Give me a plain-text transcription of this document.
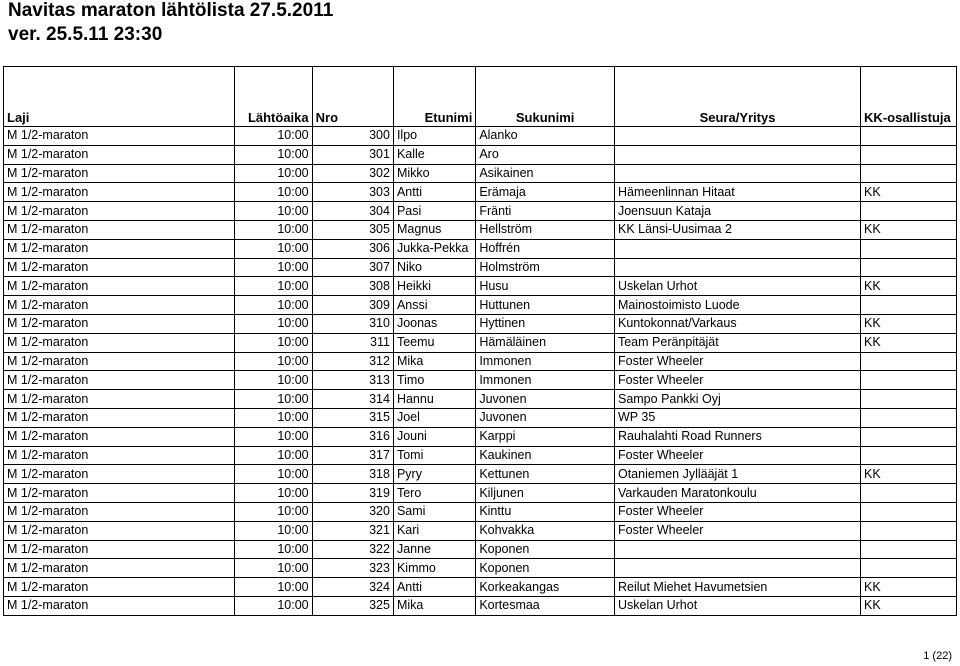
Navitas maraton lähtölista 27.5.2011
ver. 25.5.11 23:30
Laji	Lähtöaika	Nro	Etunimi	Sukunimi	Seura/Yritys	KK-osallistuja
M 1/2-maraton	10:00	300	Ilpo	Alanko		
M 1/2-maraton	10:00	301	Kalle	Aro		
M 1/2-maraton	10:00	302	Mikko	Asikainen		
M 1/2-maraton	10:00	303	Antti	Erämaja	Hämeenlinnan Hitaat	KK
M 1/2-maraton	10:00	304	Pasi	Fränti	Joensuun Kataja	
M 1/2-maraton	10:00	305	Magnus	Hellström	KK Länsi-Uusimaa 2	KK
M 1/2-maraton	10:00	306	Jukka-Pekka	Hoffrén		
M 1/2-maraton	10:00	307	Niko	Holmström		
M 1/2-maraton	10:00	308	Heikki	Husu	Uskelan Urhot	KK
M 1/2-maraton	10:00	309	Anssi	Huttunen	Mainostoimisto Luode	
M 1/2-maraton	10:00	310	Joonas	Hyttinen	Kuntokonnat/Varkaus	KK
M 1/2-maraton	10:00	311	Teemu	Hämäläinen	Team Peränpitäjät	KK
M 1/2-maraton	10:00	312	Mika	Immonen	Foster Wheeler	
M 1/2-maraton	10:00	313	Timo	Immonen	Foster Wheeler	
M 1/2-maraton	10:00	314	Hannu	Juvonen	Sampo Pankki Oyj	
M 1/2-maraton	10:00	315	Joel	Juvonen	WP 35	
M 1/2-maraton	10:00	316	Jouni	Karppi	Rauhalahti Road Runners	
M 1/2-maraton	10:00	317	Tomi	Kaukinen	Foster Wheeler	
M 1/2-maraton	10:00	318	Pyry	Kettunen	Otaniemen Jyllääjät 1	KK
M 1/2-maraton	10:00	319	Tero	Kiljunen	Varkauden Maratonkoulu	
M 1/2-maraton	10:00	320	Sami	Kinttu	Foster Wheeler	
M 1/2-maraton	10:00	321	Kari	Kohvakka	Foster Wheeler	
M 1/2-maraton	10:00	322	Janne	Koponen		
M 1/2-maraton	10:00	323	Kimmo	Koponen		
M 1/2-maraton	10:00	324	Antti	Korkeakangas	Reilut Miehet Havumetsien	KK
M 1/2-maraton	10:00	325	Mika	Kortesmaa	Uskelan Urhot	KK
1 (22)
